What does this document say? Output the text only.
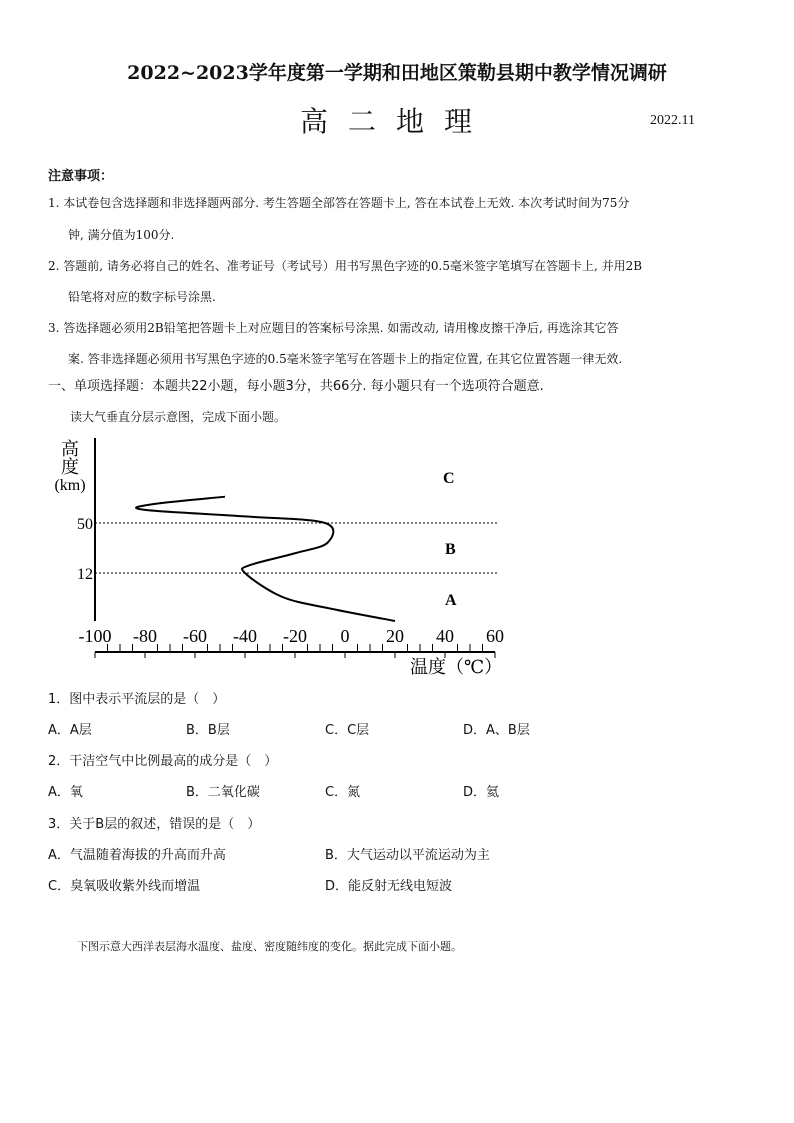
2022~2023学年度第一学期和田地区策勒县期中教学情况调研
高二地理	2022.11
注意事项：
1. 本试卷包含选择题和非选择题两部分. 考生答题全部答在答题卡上, 答在本试卷上无效. 本次考试时间为75分
钟, 满分值为100分.
2. 答题前, 请务必将自己的姓名、准考证号（考试号）用书写黑色字迹的0.5毫米签字笔填写在答题卡上, 并用2B
铅笔将对应的数字标号涂黑.
3. 答选择题必须用2B铅笔把答题卡上对应题目的答案标号涂黑. 如需改动, 请用橡皮擦干净后, 再选涂其它答
案. 答非选择题必须用书写黑色字迹的0.5毫米签字笔写在答题卡上的指定位置, 在其它位置答题一律无效.
一、单项选择题：本题共22小题，每小题3分，共66分. 每小题只有一个选项符合题意.
读大气垂直分层示意图，完成下面小题。
高
度
(km)
50
12
-100 -80 -60 -40 -20 0 20 40 60
A
B
C
温度（℃）
1．图中表示平流层的是（　）
A．A层	B．B层	C．C层	D．A、B层
2．干洁空气中比例最高的成分是（　）
A．氧	B．二氧化碳	C．氮	D．氦
3．关于B层的叙述，错误的是（　）
A．气温随着海拔的升高而升高	B．大气运动以平流运动为主
C．臭氧吸收紫外线而增温	D．能反射无线电短波
下图示意大西洋表层海水温度、盐度、密度随纬度的变化。据此完成下面小题。
